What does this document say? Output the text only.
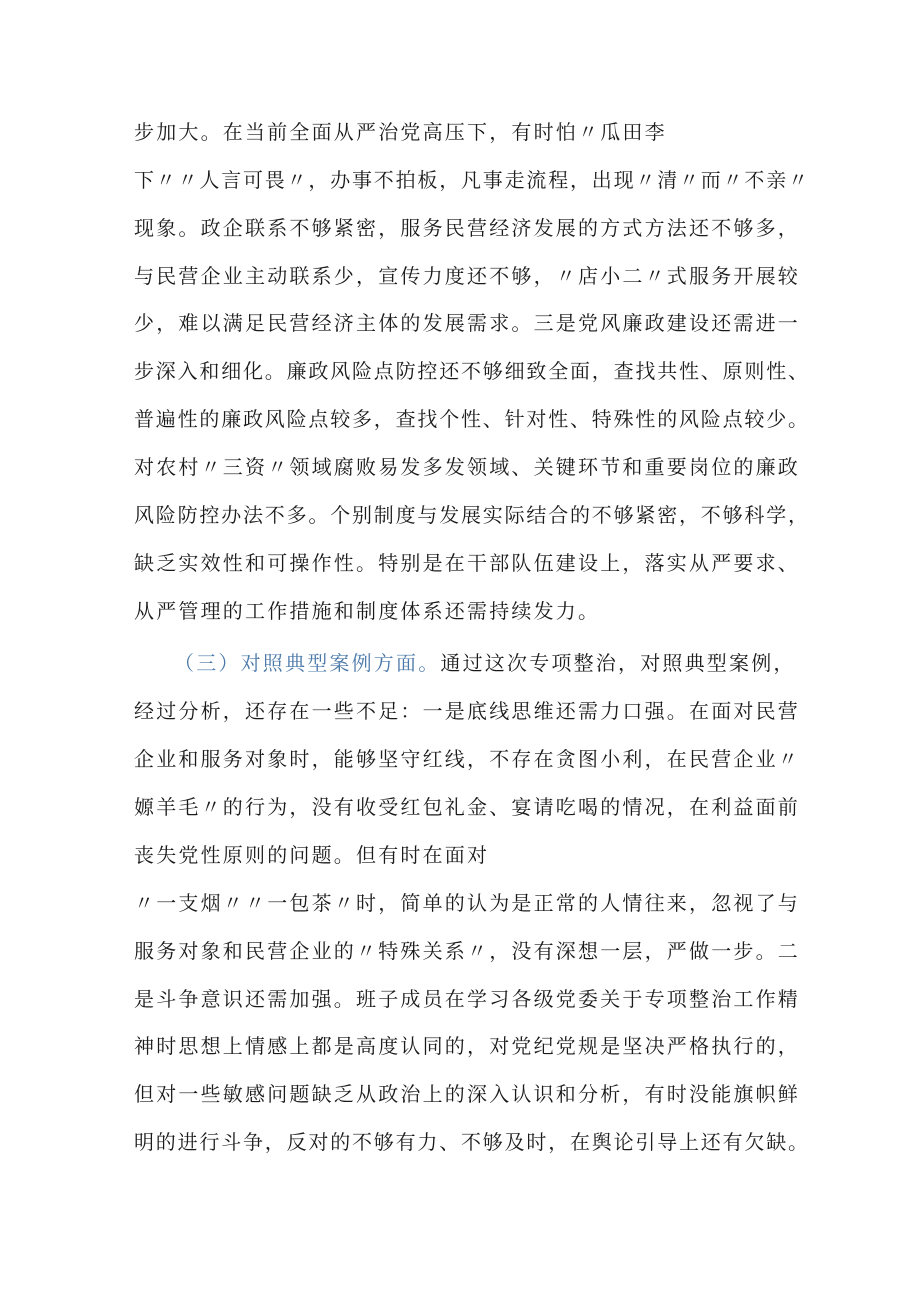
步加大。在当前全面从严治党高压下，有时怕〃瓜田李
下〃〃人言可畏〃，办事不拍板，凡事走流程，出现〃清〃而〃不亲〃
现象。政企联系不够紧密，服务民营经济发展的方式方法还不够多，
与民营企业主动联系少，宣传力度还不够，〃店小二〃式服务开展较
少，难以满足民营经济主体的发展需求。三是党风廉政建设还需进一
步深入和细化。廉政风险点防控还不够细致全面，查找共性、原则性、
普遍性的廉政风险点较多，查找个性、针对性、特殊性的风险点较少。
对农村〃三资〃领域腐败易发多发领域、关键环节和重要岗位的廉政
风险防控办法不多。个别制度与发展实际结合的不够紧密，不够科学，
缺乏实效性和可操作性。特别是在干部队伍建设上，落实从严要求、
从严管理的工作措施和制度体系还需持续发力。
（三）对照典型案例方面。通过这次专项整治，对照典型案例，
经过分析，还存在一些不足：一是底线思维还需力口强。在面对民营
企业和服务对象时，能够坚守红线，不存在贪图小利，在民营企业〃
嫄羊毛〃的行为，没有收受红包礼金、宴请吃喝的情况，在利益面前
丧失党性原则的问题。但有时在面对
〃一支烟〃〃一包茶〃时，简单的认为是正常的人情往来，忽视了与
服务对象和民营企业的〃特殊关系〃，没有深想一层，严做一步。二
是斗争意识还需加强。班子成员在学习各级党委关于专项整治工作精
神时思想上情感上都是高度认同的，对党纪党规是坚决严格执行的，
但对一些敏感问题缺乏从政治上的深入认识和分析，有时没能旗帜鲜
明的进行斗争，反对的不够有力、不够及时，在舆论引导上还有欠缺。
